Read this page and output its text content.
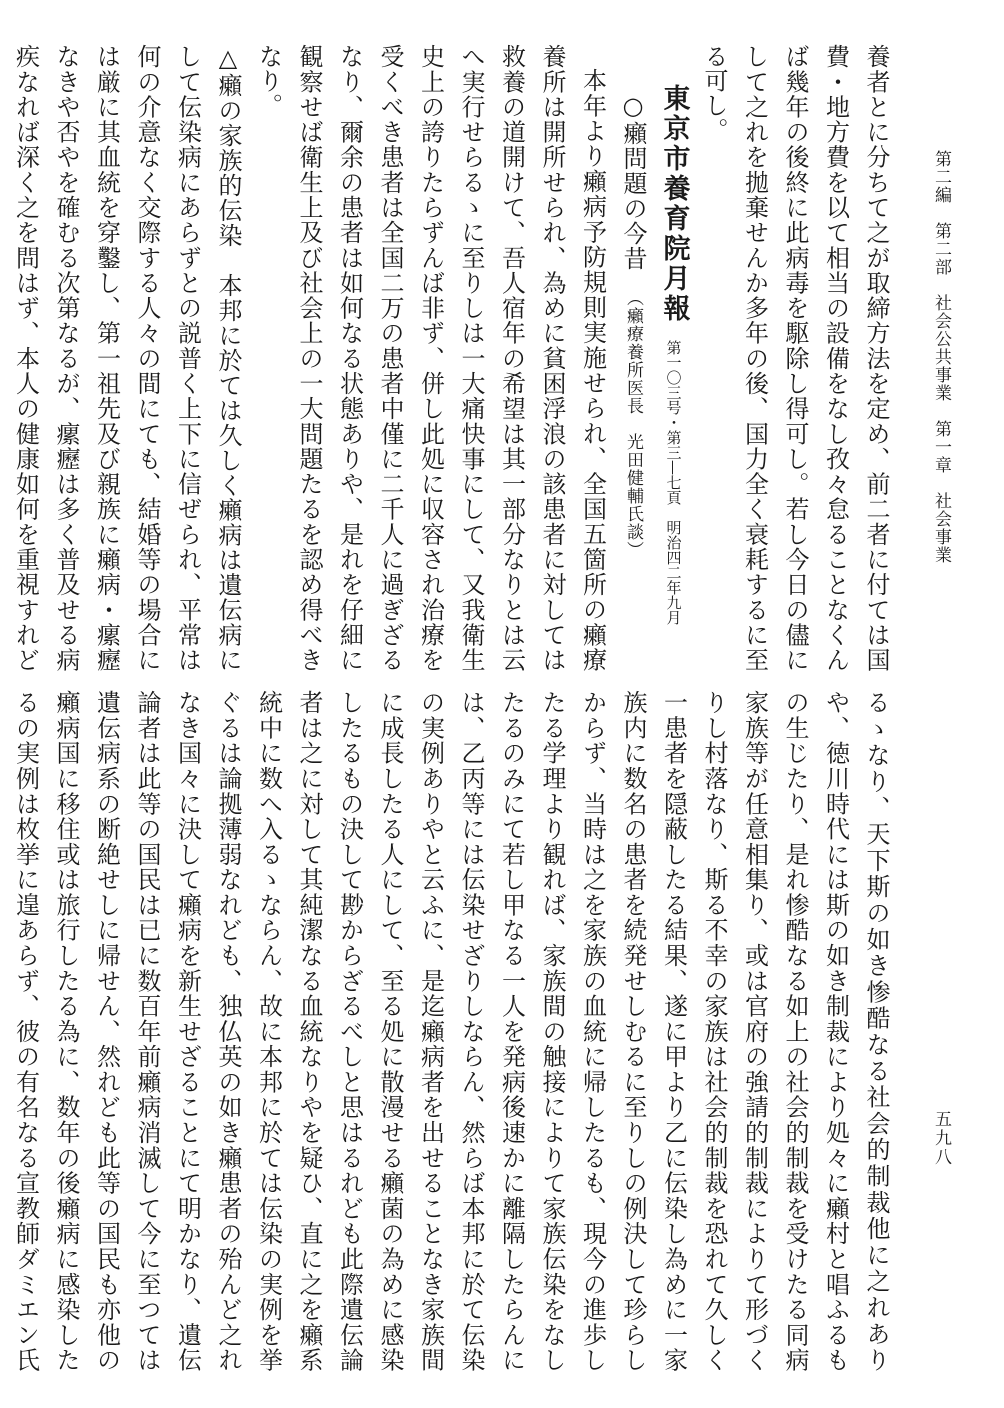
第二編　第二部　社会公共事業　第一章　社会事業
五九八

養者とに分ちて之が取締方法を定め、前二者に付ては国費・地方費を以て相当の設備をなし孜々怠ることなくんば幾年の後終に此病毒を駆除し得可し。若し今日の儘にして之れを拋棄せんか多年の後、国力全く衰耗するに至る可し。

東京市養育院月報第一〇三号・第三—七頁　明治四二年九月

○癩問題の今昔（癩療養所医長　光田健輔氏談）

本年より癩病予防規則実施せられ、全国五箇所の癩療養所は開所せられ、為めに貧困浮浪の該患者に対しては救養の道開けて、吾人宿年の希望は其一部分なりとは云へ実行せらるゝに至りしは一大痛快事にして、又我衛生史上の誇りたらずんば非ず、併し此処に収容され治療を受くべき患者は全国二万の患者中僅に二千人に過ぎざるなり、爾余の患者は如何なる状態ありや、是れを仔細に観察せば衛生上及び社会上の一大問題たるを認め得べきなり。

△癩の家族的伝染　本邦に於ては久しく癩病は遺伝病にして伝染病にあらずとの説普く上下に信ぜられ、平常は何の介意なく交際する人々の間にても、結婚等の場合には厳に其血統を穿鑿し、第一祖先及び親族に癩病・瘰癧なきや否やを確むる次第なるが、瘰癧は多く普及せる病疾なれば深く之を問はず、本人の健康如何を重視すれど

るゝなり、天下斯の如き惨酷なる社会的制裁他に之れありや、徳川時代には斯の如き制裁により処々に癩村と唱ふるもの生じたり、是れ惨酷なる如上の社会的制裁を受けたる同病家族等が任意相集り、或は官府の強請的制裁によりて形づくりし村落なり、斯る不幸の家族は社会的制裁を恐れて久しく一患者を隠蔽したる結果、遂に甲より乙に伝染し為めに一家族内に数名の患者を続発せしむるに至りしの例決して珍らしからず、当時は之を家族の血統に帰したるも、現今の進歩したる学理より観れば、家族間の触接によりて家族伝染をなしたるのみにて若し甲なる一人を発病後速かに離隔したらんには、乙丙等には伝染せざりしならん、然らば本邦に於て伝染の実例ありやと云ふに、是迄癩病者を出せることなき家族間に成長したる人にして、至る処に散漫せる癩菌の為めに感染したるもの決して尠からざるべしと思はるれども此際遺伝論者は之に対して其純潔なる血統なりやを疑ひ、直に之を癩系統中に数へ入るゝならん、故に本邦に於ては伝染の実例を挙ぐるは論拠薄弱なれども、独仏英の如き癩患者の殆んど之れなき国々に決して癩病を新生せざることにて明かなり、遺伝論者は此等の国民は已に数百年前癩病消滅して今に至つては遺伝病系の断絶せしに帰せん、然れども此等の国民も亦他の癩病国に移住或は旅行したる為に、数年の後癩病に感染したるの実例は枚挙に遑あらず、彼の有名なる宣教師ダミエン氏
